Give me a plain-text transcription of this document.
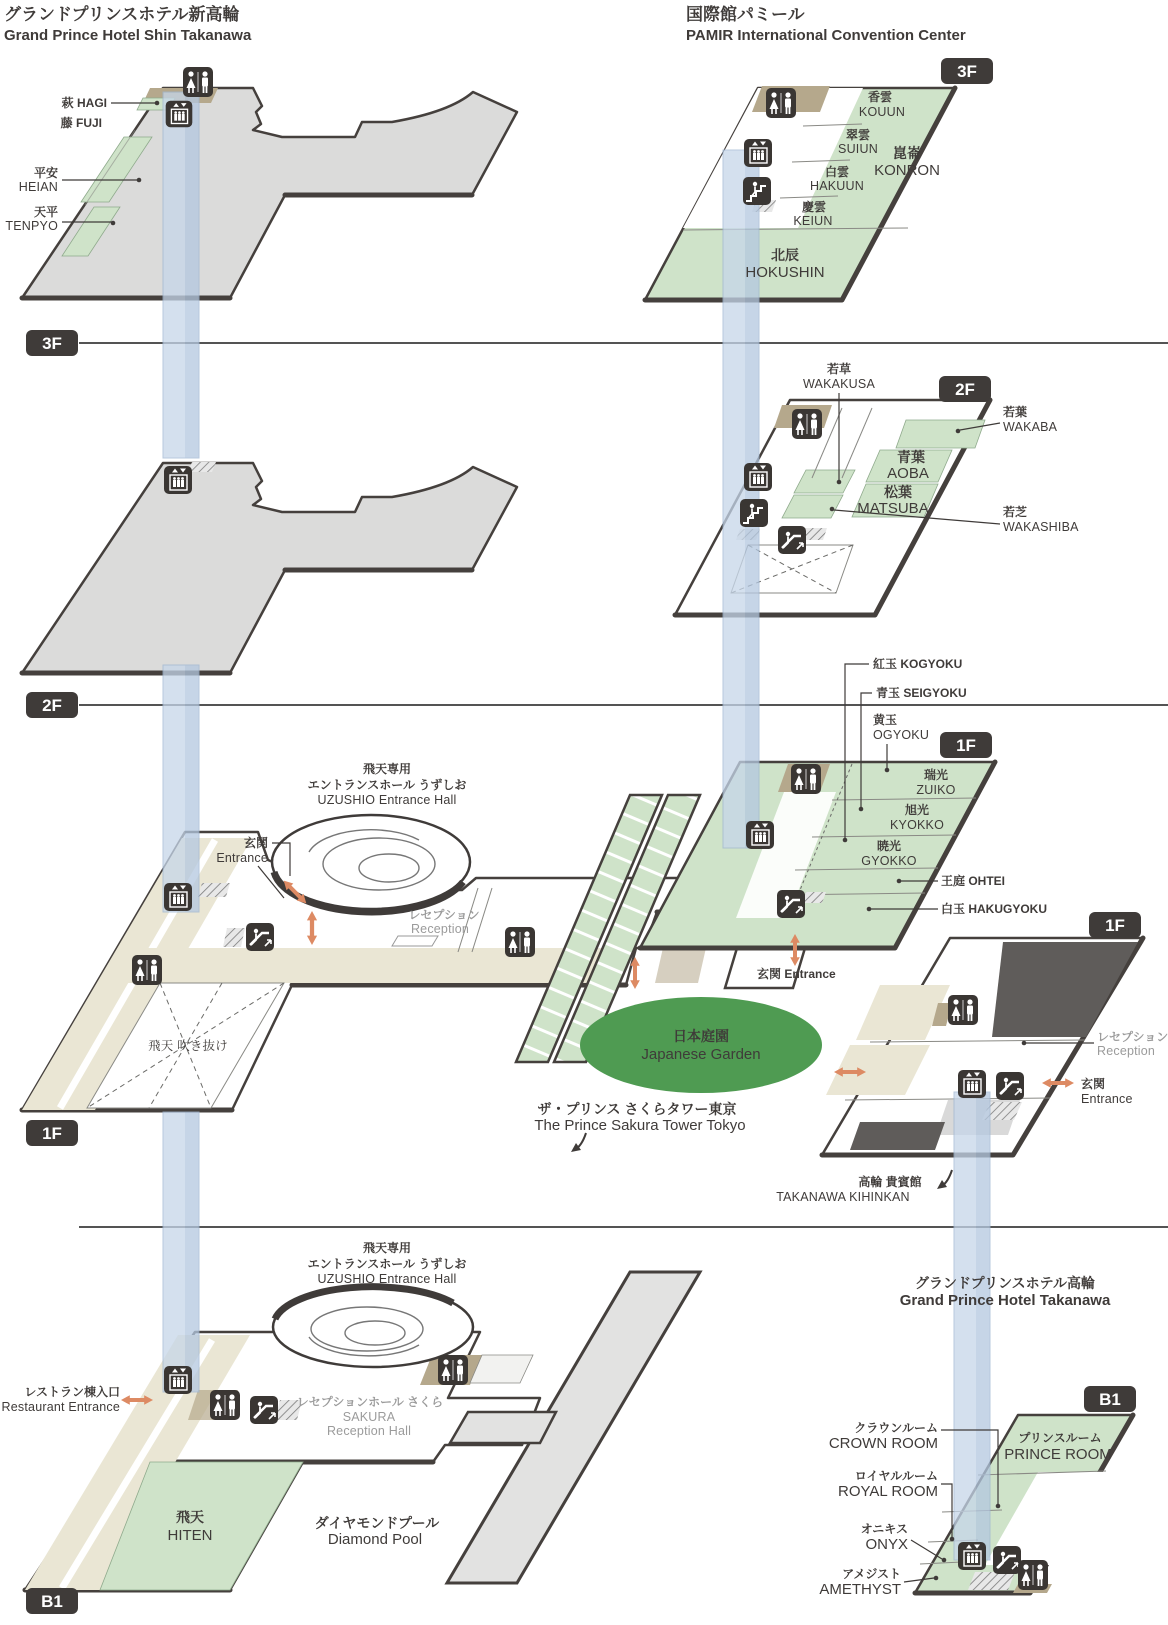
グランドプリンスホテル新高輪
Grand Prince Hotel Shin Takanawa
国際館パミール
PAMIR International Convention Center
日本庭園
Japanese Garden
萩 HAGI
藤 FUJI
平安
HEIAN
天平
TENPYO
香雲
KOUUN
翠雲
SUIUN
白雲
HAKUUN
慶雲
KEIUN
崑崙
KONRON
北辰
HOKUSHIN
若草
WAKAKUSA
若葉
WAKABA
青葉
AOBA
松葉
MATSUBA	若芝
WAKASHIBA
紅玉 KOGYOKU
青玉 SEIGYOKU
黄玉
OGYOKU
瑞光
ZUIKO
旭光
KYOKKO
暁光
GYOKKO
王庭 OHTEI
白玉 HAKUGYOKU
玄関 Entrance
飛天専用
エントランスホール うずしお
UZUSHIO Entrance Hall
玄関
Entrance
レセプション
Reception
飛天 吹き抜け
ザ・プリンス さくらタワー東京
The Prince Sakura Tower Tokyo
レセプション
Reception
玄関
Entrance
高輪 貴賓館
TAKANAWA KIHINKAN
グランドプリンスホテル高輪
Grand Prince Hotel Takanawa
飛天専用
エントランスホール うずしお
UZUSHIO Entrance Hall
レストラン棟入口
Restaurant Entrance	レセプションホール さくら
SAKURA
Reception Hall
飛天
HITEN
ダイヤモンドプール
Diamond Pool
クラウンルーム
CROWN ROOM
ロイヤルルーム
ROYAL ROOM
オニキス
ONYX
アメジスト
AMETHYST
プリンスルーム
PRINCE ROOM
3F
2F
1F
B1
3F
2F
1F
1F
B1
